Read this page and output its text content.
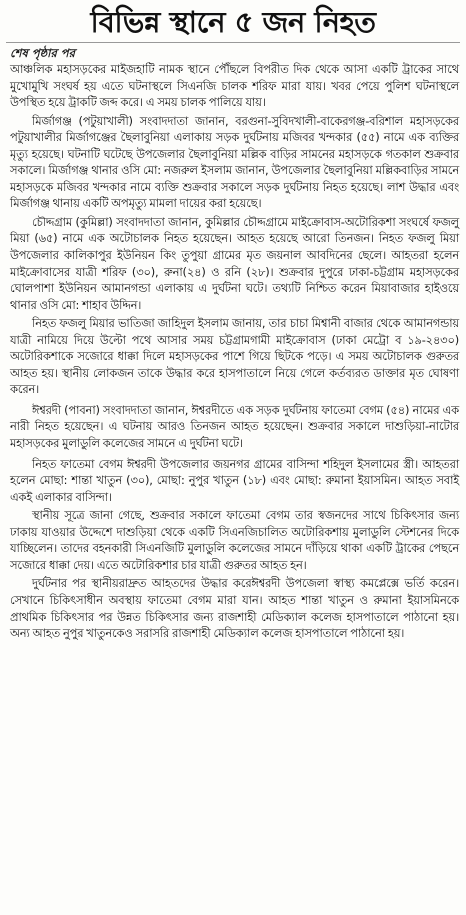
বিভিন্ন স্থানে ৫ জন নিহত
শেষ পৃষ্ঠার পর

আঞ্চলিক মহাসড়কের মাইজহাটি নামক স্থানে পৌঁছলে বিপরীত দিক থেকে আসা একটি ট্রাকের সাথে মুখোমুখি সংঘর্ষ হয় এতে ঘটনাস্থলে সিএনজি চালক শরিফ মারা যায়। খবর পেয়ে পুলিশ ঘটনাস্থলে উপস্থিত হয়ে ট্রাকটি জব্দ করে। এ সময় চালক পালিয়ে যায়।

মির্জাগঞ্জ (পটুয়াখালী) সংবাদদাতা জানান, বরগুনা-সুবিদখালী-বাকেরগঞ্জ-বরিশাল মহাসড়কের পটুয়াখালীর মির্জাগঞ্জের ছৈলাবুনিয়া এলাকায় সড়ক দুর্ঘটনায় মজিবর খন্দকার (৫৫) নামে এক ব্যক্তির মৃত্যু হয়েছে। ঘটনাটি ঘটেছে উপজেলার ছৈলাবুনিয়া মল্লিক বাড়ির সামনের মহাসড়কে গতকাল শুক্রবার সকালে। মির্জাগঞ্জ থানার ওসি মো: নজরুল ইসলাম জানান, উপজেলার ছৈলাবুনিয়া মল্লিকবাড়ির সামনে মহাসড়কে মজিবর খন্দকার নামে ব্যক্তি শুক্রবার সকালে সড়ক দুর্ঘটনায় নিহত হয়েছে। লাশ উদ্ধার এবং মির্জাগঞ্জ থানায় একটি অপমৃত্যু মামলা দায়ের করা হয়েছে।

চৌদ্দগ্রাম (কুমিল্লা) সংবাদদাতা জানান, কুমিল্লার চৌদ্দগ্রামে মাইক্রোবাস-অটোরিকশা সংঘর্ষে ফজলু মিয়া (৬৫) নামে এক অটোচালক নিহত হয়েছেন। আহত হয়েছে আরো তিনজন। নিহত ফজলু মিয়া উপজেলার কালিকাপুর ইউনিয়ন কিং তুপুয়া গ্রামের মৃত জয়নাল আবদিনের ছেলে। আহতরা হলেন মাইক্রোবাসের যাত্রী শরিফ (৩০), রুনা(২৪) ও রনি (২৮)। শুক্রবার দুপুরে ঢাকা-চট্টগ্রাম মহাসড়কের ঘোলপাশা ইউনিয়ন আমানগন্ডা এলাকায় এ দুর্ঘটনা ঘটে। তথ্যটি নিশ্চিত করেন মিয়াবাজার হাইওয়ে থানার ওসি মো: শাহাব উদ্দিন।

নিহত ফজলু মিয়ার ভাতিজা জাহিদুল ইসলাম জানায়, তার চাচা মিশ্বানী বাজার থেকে আমানগন্ডায় যাত্রী নামিয়ে দিয়ে উল্টো পথে আসার সময় চট্টগ্রামগামী মাইক্রোবাস (ঢাকা মেট্রো ব ১৯-২৪৩০) অটোরিকশাকে সজোরে ধাক্কা দিলে মহাসড়কের পাশে গিয়ে ছিটকে পড়ে। এ সময় অটোচালক গুরুতর আহত হয়। স্থানীয় লোকজন তাকে উদ্ধার করে হাসপাতালে নিয়ে গেলে কর্তব্যরত ডাক্তার মৃত ঘোষণা করেন।

ঈশ্বরদী (পাবনা) সংবাদদাতা জানান, ঈশ্বরদীতে এক সড়ক দুর্ঘটনায় ফাতেমা বেগম (৫৪) নামের এক নারী নিহত হয়েছেন। এ ঘটনায় আরও তিনজন আহত হয়েছেন। শুক্রবার সকালে দাশুড়িয়া-নাটোর মহাসড়কের মুলাডুলি কলেজের সামনে এ দুর্ঘটনা ঘটে।

নিহত ফাতেমা বেগম ঈশ্বরদী উপজেলার জয়নগর গ্রামের বাসিন্দা শহিদুল ইসলামের স্ত্রী। আহতরা হলেন মোছা: শান্তা খাতুন (৩০), মোছা: নুপুর খাতুন (১৮) এবং মোছা: রুমানা ইয়াসমিন। আহত সবাই একই এলাকার বাসিন্দা।

স্থানীয় সূত্রে জানা গেছে, শুক্রবার সকালে ফাতেমা বেগম তার স্বজনদের সাথে চিকিৎসার জন্য ঢাকায় যাওয়ার উদ্দেশে দাশুড়িয়া থেকে একটি সিএনজিচালিত অটোরিকশায় মুলাডুলি স্টেশনের দিকে যাচ্ছিলেন। তাদের বহনকারী সিএনজিটি মুলাডুলি কলেজের সামনে দাঁড়িয়ে থাকা একটি ট্রাকের পেছনে সজোরে ধাক্কা দেয়। এতে অটোরিকশার চার যাত্রী গুরুতর আহত হন।

দুর্ঘটনার পর স্থানীয়রাদ্রুত আহতদের উদ্ধার করেঈশ্বরদী উপজেলা স্বাস্থ্য কমপ্লেক্সে ভর্তি করেন। সেখানে চিকিৎসাধীন অবস্থায় ফাতেমা বেগম মারা যান। আহত শান্তা খাতুন ও রুমানা ইয়াসমিনকে প্রাথমিক চিকিৎসার পর উন্নত চিকিৎসার জন্য রাজশাহী মেডিক্যাল কলেজ হাসপাতালে পাঠানো হয়। অন্য আহত নুপুর খাতুনকেও সরাসরি রাজশাহী মেডিক্যাল কলেজ হাসপাতালে পাঠানো হয়।
